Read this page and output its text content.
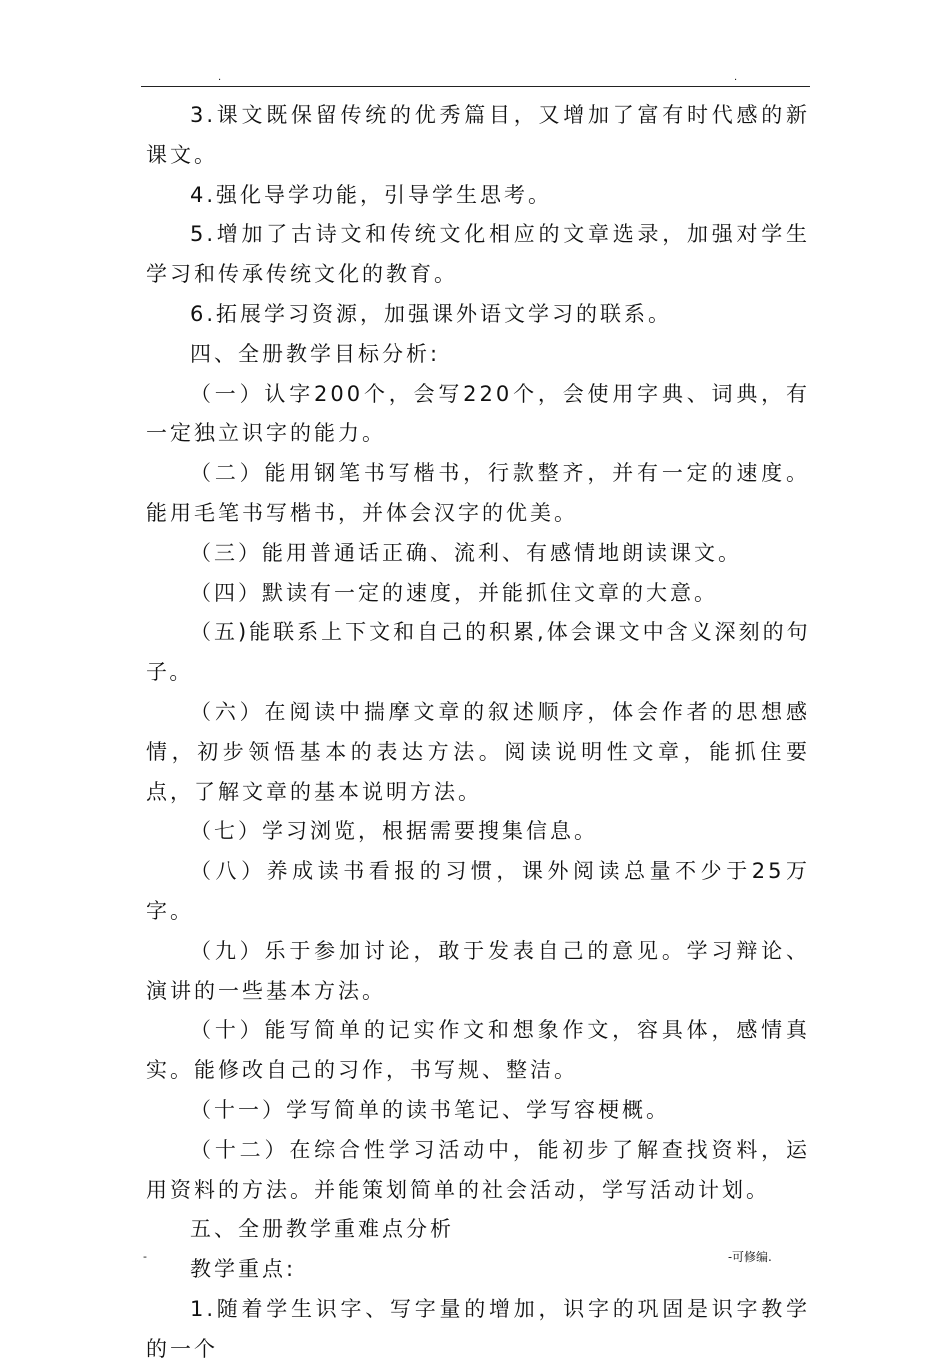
.	.

3.课文既保留传统的优秀篇目，又增加了富有时代感的新课文。

4.强化导学功能，引导学生思考。

5.增加了古诗文和传统文化相应的文章选录，加强对学生学习和传承传统文化的教育。

6.拓展学习资源，加强课外语文学习的联系。

四、全册教学目标分析:

（一）认字200个，会写220个，会使用字典、词典，有一定独立识字的能力。

（二）能用钢笔书写楷书，行款整齐，并有一定的速度。能用毛笔书写楷书，并体会汉字的优美。

（三）能用普通话正确、流利、有感情地朗读课文。

（四）默读有一定的速度，并能抓住文章的大意。

（五)能联系上下文和自己的积累,体会课文中含义深刻的句子。

（六）在阅读中揣摩文章的叙述顺序，体会作者的思想感情，初步领悟基本的表达方法。阅读说明性文章，能抓住要点，了解文章的基本说明方法。

（七）学习浏览，根据需要搜集信息。

（八）养成读书看报的习惯，课外阅读总量不少于25万字。

（九）乐于参加讨论，敢于发表自己的意见。学习辩论、演讲的一些基本方法。

（十）能写简单的记实作文和想象作文，容具体，感情真实。能修改自己的习作，书写规、整洁。

（十一）学写简单的读书笔记、学写容梗概。

（十二）在综合性学习活动中，能初步了解查找资料，运用资料的方法。并能策划简单的社会活动，学写活动计划。

五、全册教学重难点分析

教学重点:

1.随着学生识字、写字量的增加，识字的巩固是识字教学的一个

-	-可修编.
